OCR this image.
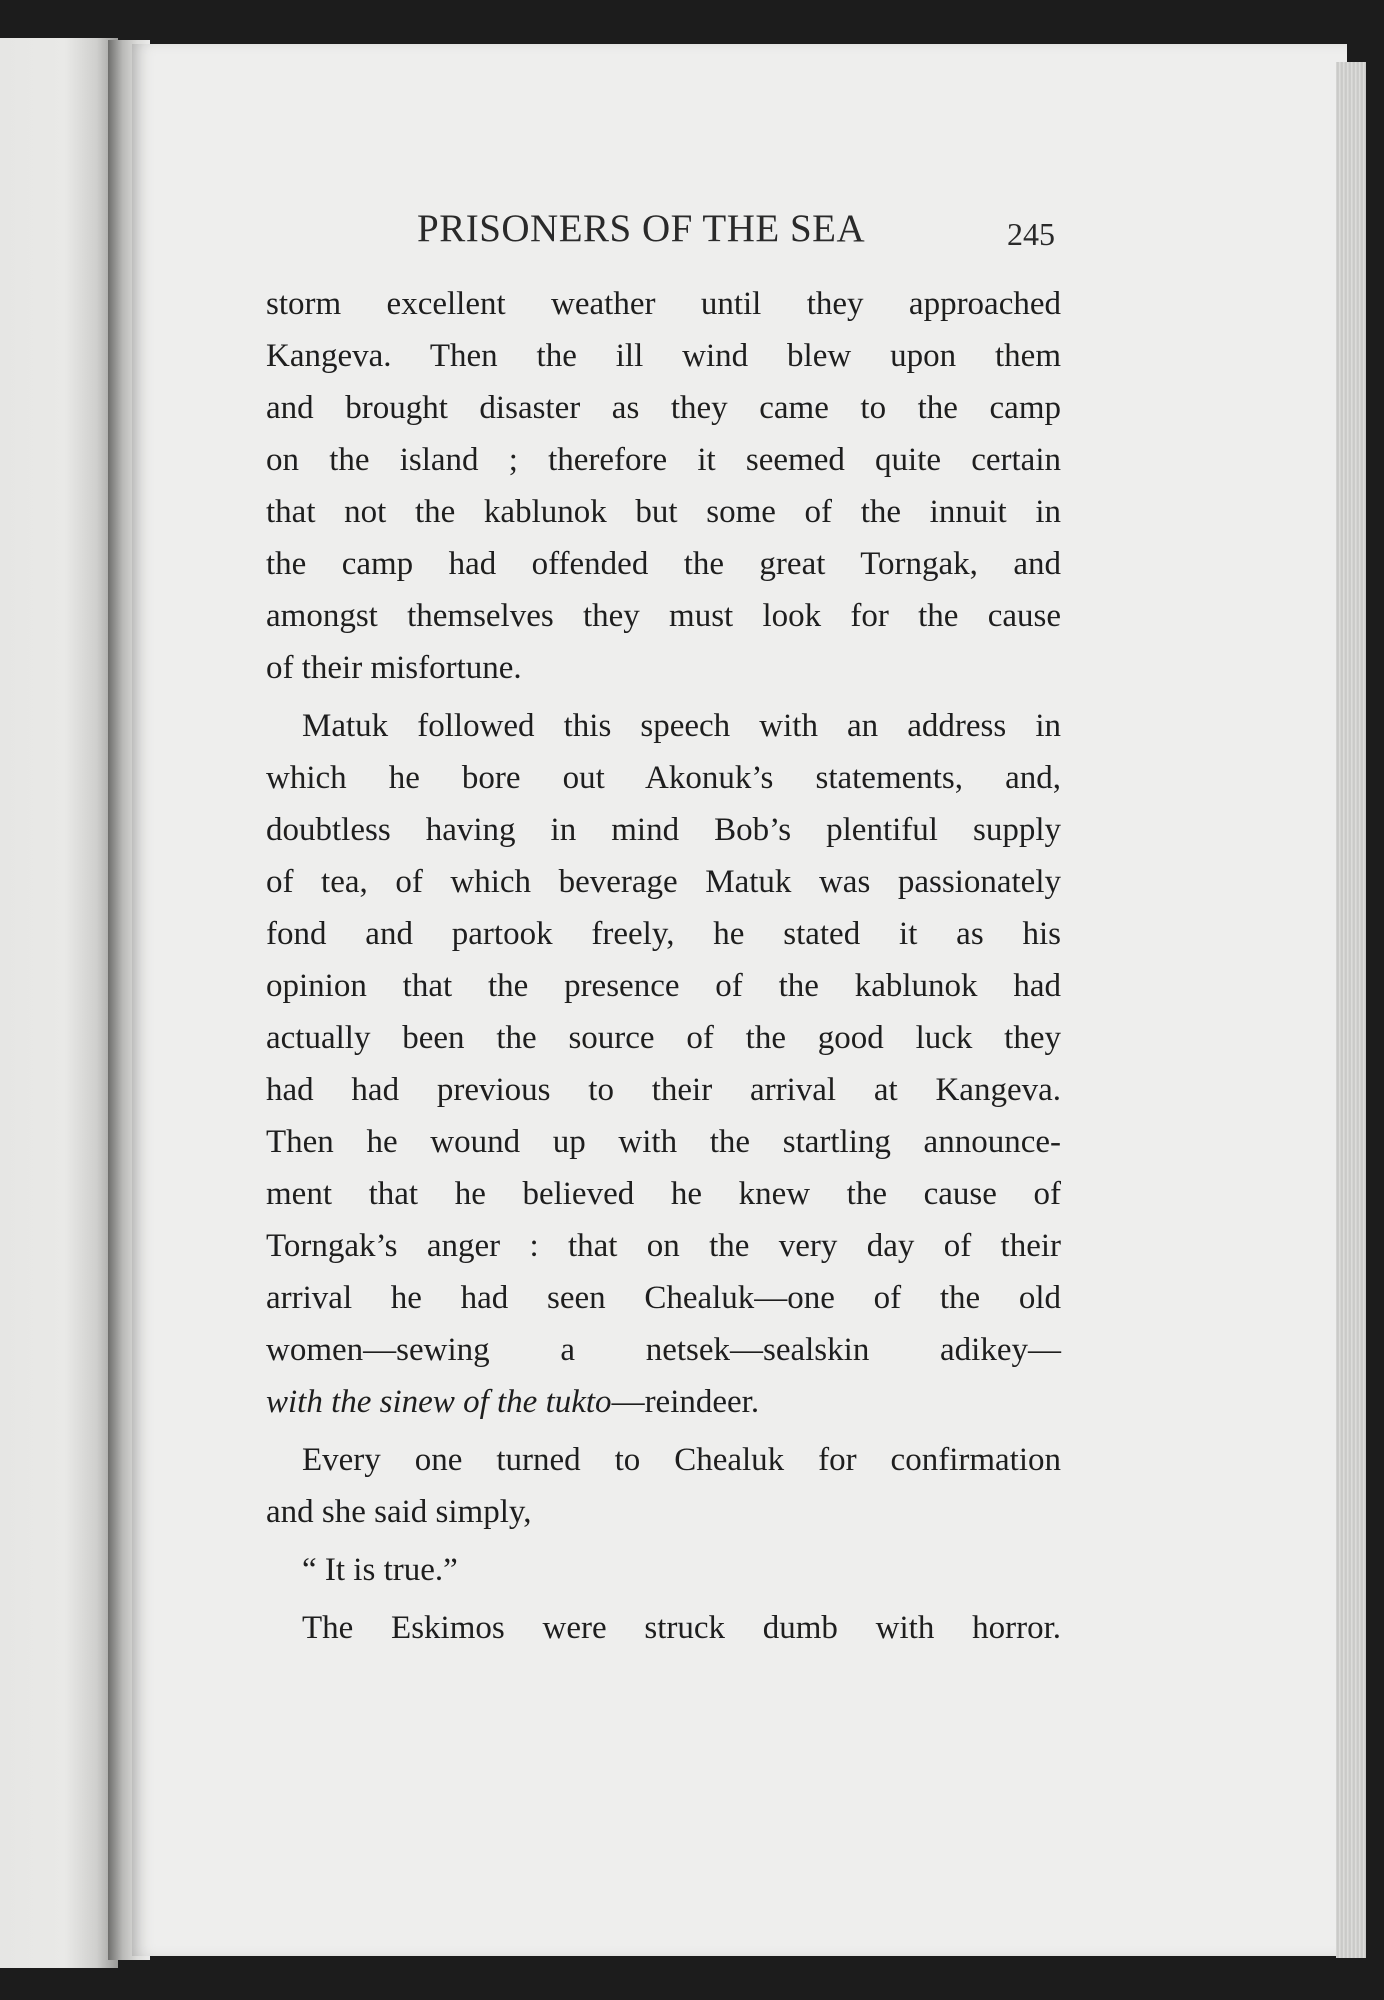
PRISONERS OF THE SEA	245
storm excellent weather until they approached
Kangeva. Then the ill wind blew upon them
and brought disaster as they came to the camp
on the island ; therefore it seemed quite certain
that not the kablunok but some of the innuit in
the camp had offended the great Torngak, and
amongst themselves they must look for the cause
of their misfortune.
Matuk followed this speech with an address in
which he bore out Akonuk’s statements, and,
doubtless having in mind Bob’s plentiful supply
of tea, of which beverage Matuk was passionately
fond and partook freely, he stated it as his
opinion that the presence of the kablunok had
actually been the source of the good luck they
had had previous to their arrival at Kangeva.
Then he wound up with the startling announce-
ment that he believed he knew the cause of
Torngak’s anger : that on the very day of their
arrival he had seen Chealuk—one of the old
women—sewing a netsek—sealskin adikey—
with the sinew of the tukto—reindeer.
Every one turned to Chealuk for confirmation
and she said simply,
“ It is true.”
The Eskimos were struck dumb with horror.
